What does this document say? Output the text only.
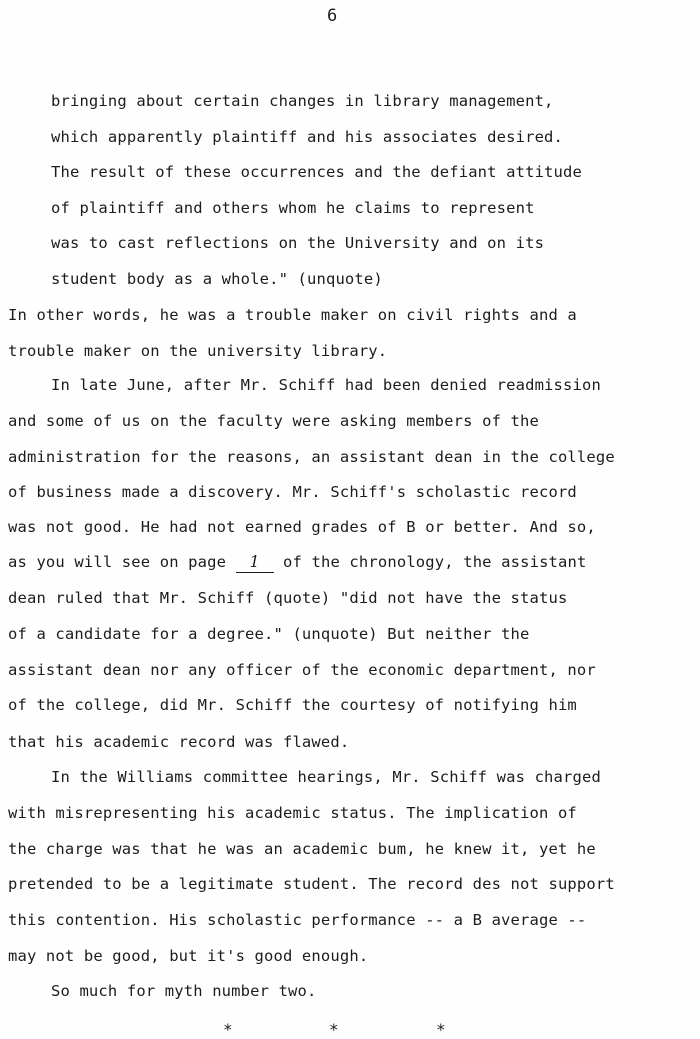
6
bringing about certain changes in library management,
which apparently plaintiff and his associates desired.
The result of these occurrences and the defiant attitude
of plaintiff and others whom he claims to represent
was to cast reflections on the University and on its
student body as a whole." (unquote)
In other words, he was a trouble maker on civil rights and a
trouble maker on the university library.
In late June, after Mr. Schiff had been denied readmission
and some of us on the faculty were asking members of the
administration for the reasons, an assistant dean in the college
of business made a discovery. Mr. Schiff's scholastic record
was not good. He had not earned grades of B or better. And so,
as you will see on page 1 of the chronology, the assistant
dean ruled that Mr. Schiff (quote) "did not have the status
of a candidate for a degree." (unquote) But neither the
assistant dean nor any officer of the economic department, nor
of the college, did Mr. Schiff the courtesy of notifying him
that his academic record was flawed.
In the Williams committee hearings, Mr. Schiff was charged
with misrepresenting his academic status. The implication of
the charge was that he was an academic bum, he knew it, yet he
pretended to be a legitimate student. The record des not support
this contention. His scholastic performance -- a B average --
may not be good, but it's good enough.
So much for myth number two.
*	*	*
